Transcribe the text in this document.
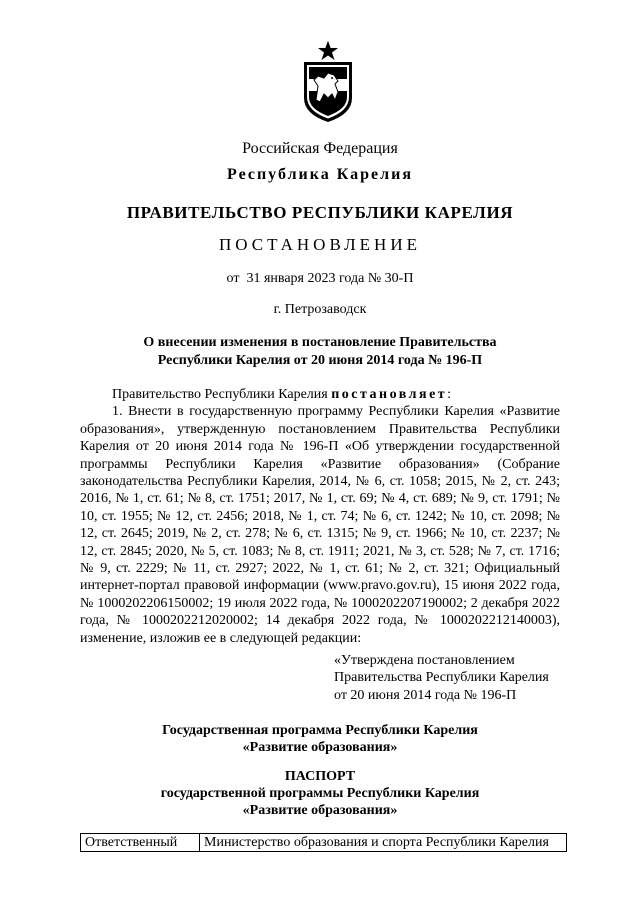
Российская Федерация
Республика Карелия
ПРАВИТЕЛЬСТВО РЕСПУБЛИКИ КАРЕЛИЯ
ПОСТАНОВЛЕНИЕ
от  31 января 2023 года № 30-П
г. Петрозаводск
О внесении изменения в постановление Правительства
Республики Карелия от 20 июня 2014 года № 196-П

Правительство Республики Карелия постановляет:

1. Внести в государственную программу Республики Карелия «Развитие образования», утвержденную постановлением Правительства Республики Карелия от 20 июня 2014 года № 196-П «Об утверждении государственной программы Республики Карелия «Развитие образования» (Собрание законодательства Республики Карелия, 2014, № 6, ст. 1058; 2015, № 2, ст. 243; 2016, № 1, ст. 61; № 8, ст. 1751; 2017, № 1, ст. 69; № 4, ст. 689; № 9, ст. 1791; № 10, ст. 1955; № 12, ст. 2456; 2018, № 1, ст. 74; № 6, ст. 1242; № 10, ст. 2098; № 12, ст. 2645; 2019, № 2, ст. 278; № 6, ст. 1315; № 9, ст. 1966; № 10, ст. 2237; № 12, ст. 2845; 2020, № 5, ст. 1083; № 8, ст. 1911; 2021, № 3, ст. 528; № 7, ст. 1716; № 9, ст. 2229; № 11, ст. 2927; 2022, № 1, ст. 61; № 2, ст. 321; Официальный интернет-портал правовой информации (www.pravo.gov.ru), 15 июня 2022 года, № 1000202206150002; 19 июля 2022 года, № 1000202207190002; 2 декабря 2022 года, № 1000202212020002; 14 декабря 2022 года, № 1000202212140003), изменение, изложив ее в следующей редакции:

«Утверждена постановлением
Правительства Республики Карелия
от 20 июня 2014 года № 196-П
Государственная программа Республики Карелия
«Развитие образования»
ПАСПОРТ
государственной программы Республики Карелия
«Развитие образования»
Ответственный	Министерство образования и спорта Республики Карелия
